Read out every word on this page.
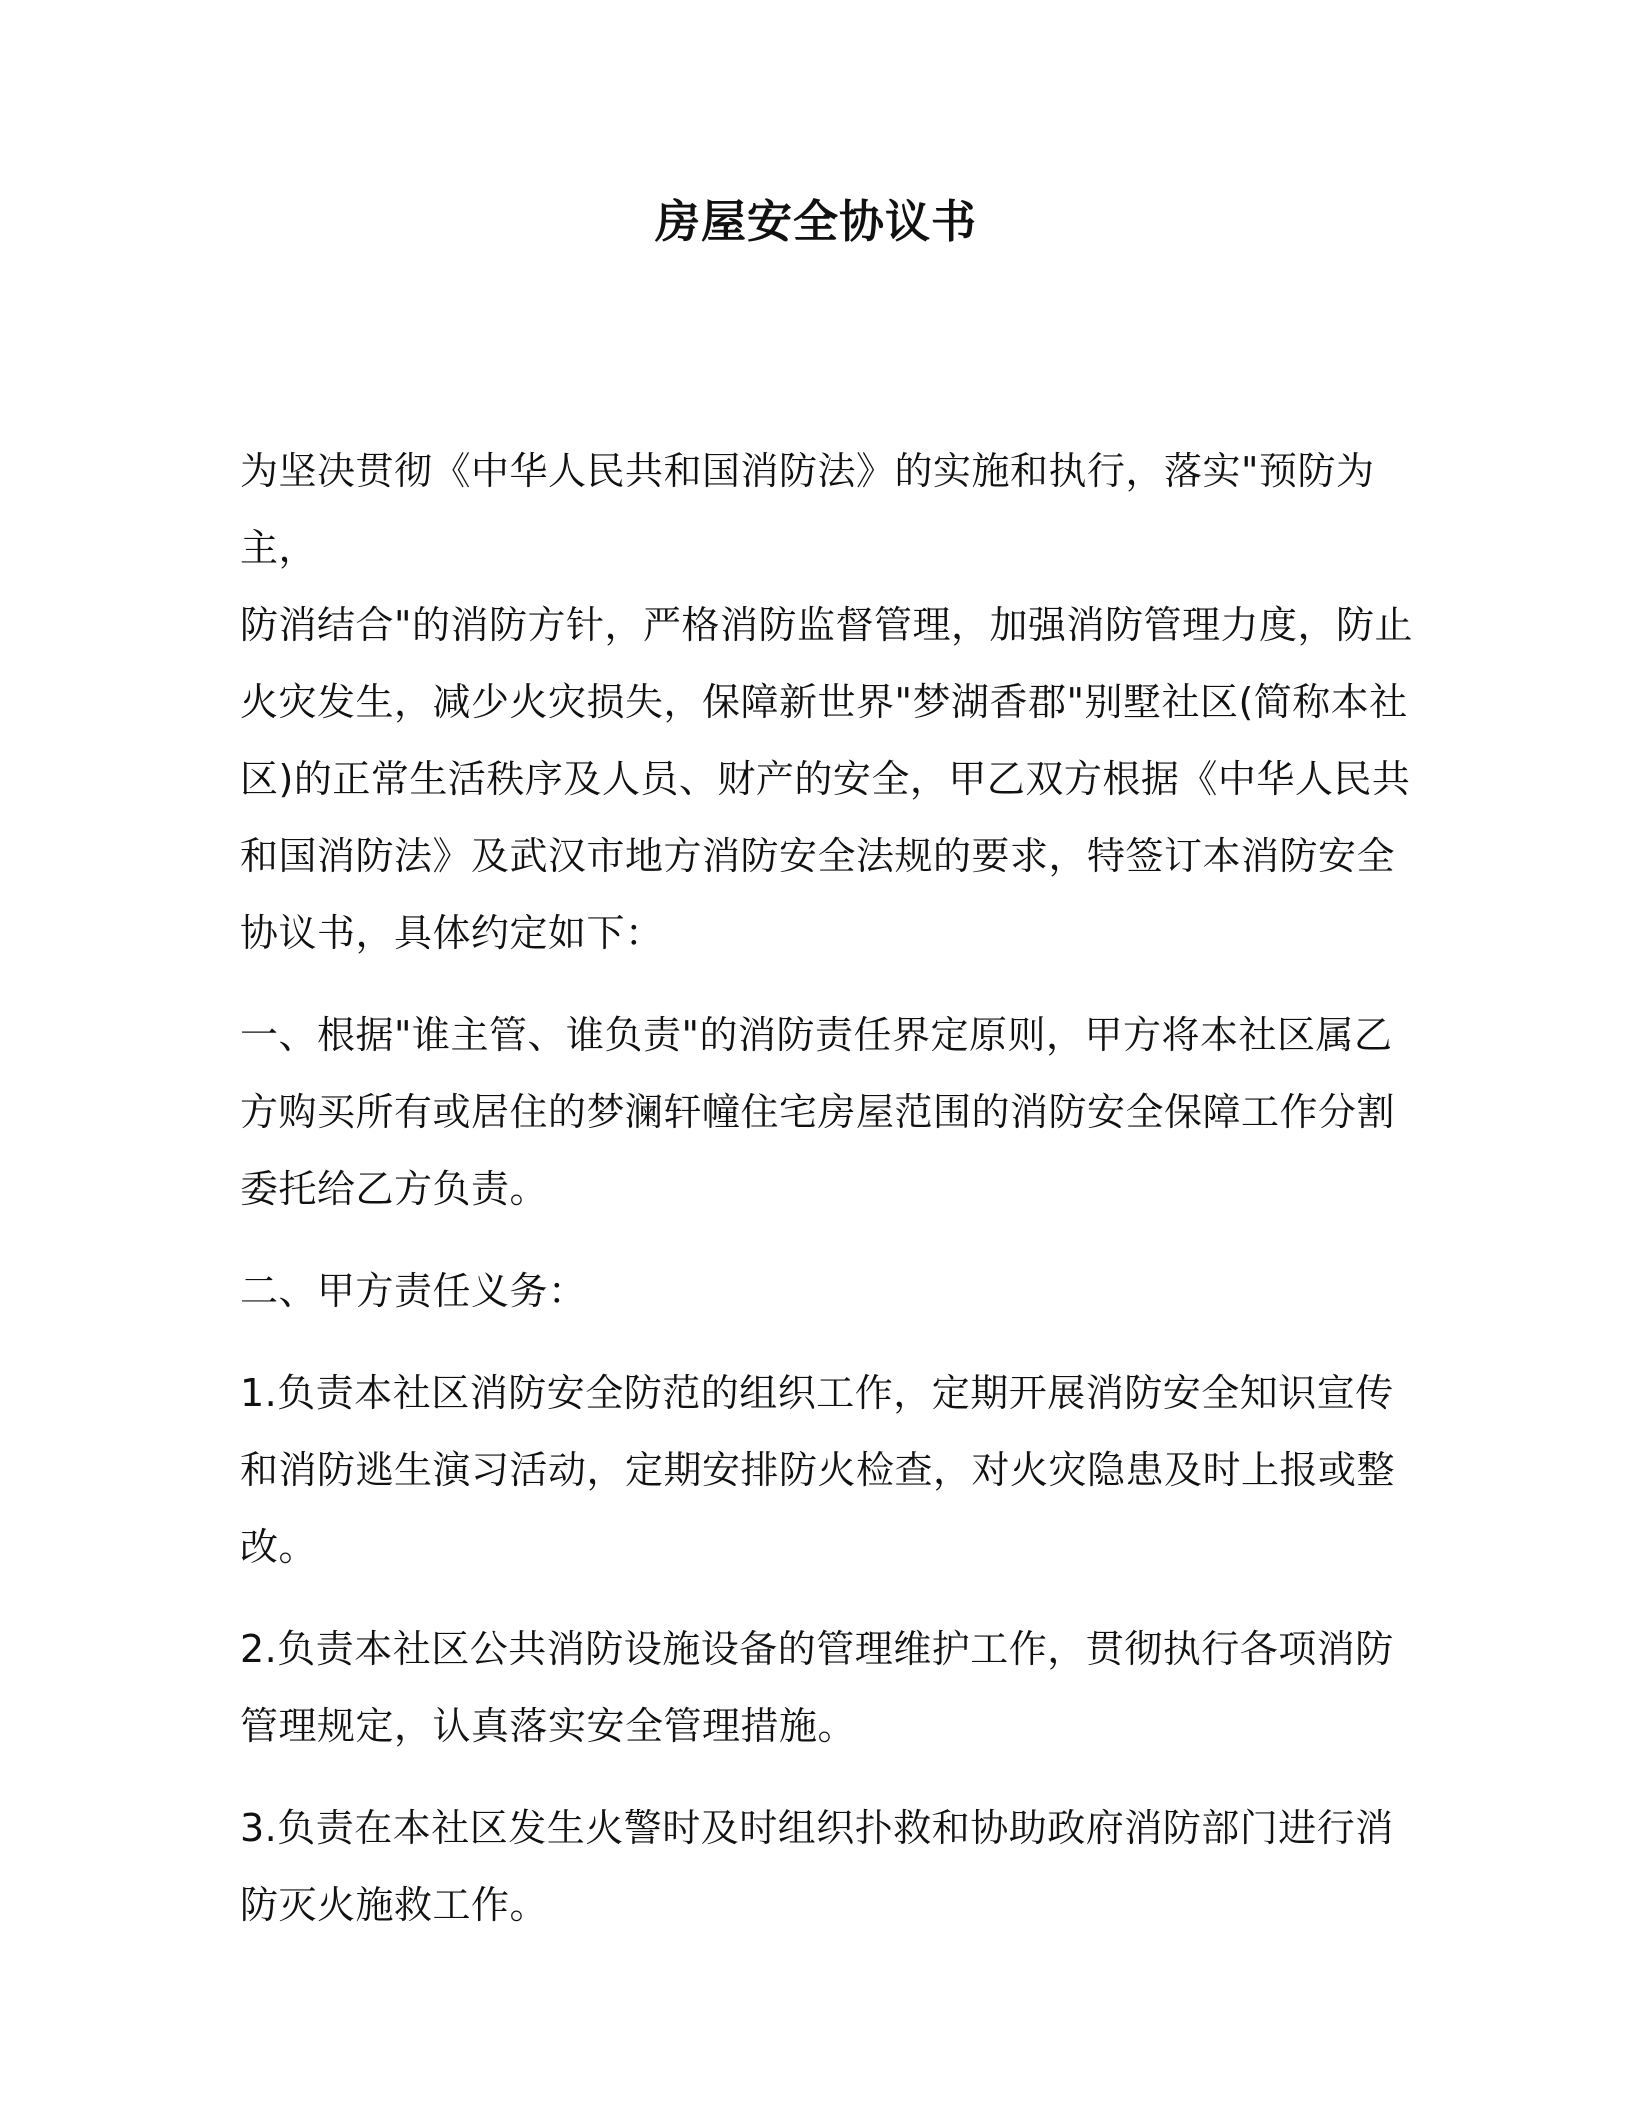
房屋安全协议书

为坚决贯彻《中华人民共和国消防法》的实施和执行，落实"预防为主，
防消结合"的消防方针，严格消防监督管理，加强消防管理力度，防止
火灾发生，减少火灾损失，保障新世界"梦湖香郡"别墅社区(简称本社
区)的正常生活秩序及人员、财产的安全，甲乙双方根据《中华人民共
和国消防法》及武汉市地方消防安全法规的要求，特签订本消防安全
协议书，具体约定如下：

一、根据"谁主管、谁负责"的消防责任界定原则，甲方将本社区属乙
方购买所有或居住的梦澜轩幢住宅房屋范围的消防安全保障工作分割
委托给乙方负责。

二、甲方责任义务：

1.负责本社区消防安全防范的组织工作，定期开展消防安全知识宣传
和消防逃生演习活动，定期安排防火检查，对火灾隐患及时上报或整
改。

2.负责本社区公共消防设施设备的管理维护工作，贯彻执行各项消防
管理规定，认真落实安全管理措施。

3.负责在本社区发生火警时及时组织扑救和协助政府消防部门进行消
防灭火施救工作。
